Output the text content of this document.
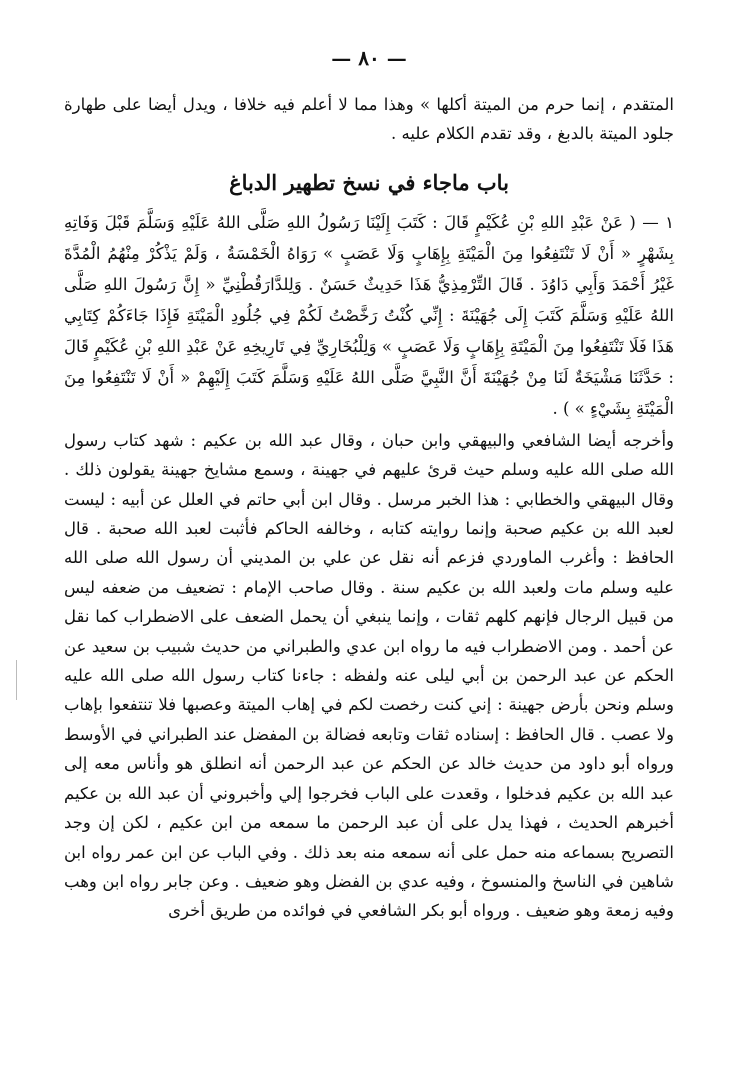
— ٨٠ —

المتقدم ، إنما حرم من الميتة أكلها » وهذا مما لا أعلم فيه خلافا ، ويدل أيضا على طهارة جلود الميتة بالدبغ ، وقد تقدم الكلام عليه .

باب ماجاء في نسخ تطهير الدباغ

١ — ( عَنْ عَبْدِ اللهِ بْنِ عُكَيْمٍ قَالَ : كَتَبَ إِلَيْنَا رَسُولُ اللهِ صَلَّى اللهُ عَلَيْهِ وَسَلَّمَ قَبْلَ وَفَاتِهِ بِشَهْرٍ « أَنْ لَا تَنْتَفِعُوا مِنَ الْمَيْتَةِ بِإِهَابٍ وَلَا عَصَبٍ » رَوَاهُ الْخَمْسَةُ ، وَلَمْ يَذْكُرْ مِنْهُمُ الْمُدَّةَ غَيْرُ أَحْمَدَ وَأَبِي دَاوُدَ . قَالَ التِّرْمِذِيُّ هَذَا حَدِيثٌ حَسَنٌ . وَلِلدَّارَقُطْنِيِّ « إِنَّ رَسُولَ اللهِ صَلَّى اللهُ عَلَيْهِ وَسَلَّمَ كَتَبَ إِلَى جُهَيْنَةَ : إِنِّي كُنْتُ رَخَّصْتُ لَكُمْ فِي جُلُودِ الْمَيْتَةِ فَإِذَا جَاءَكُمْ كِتَابِي هَذَا فَلَا تَنْتَفِعُوا مِنَ الْمَيْتَةِ بِإِهَابٍ وَلَا عَصَبٍ » وَلِلْبُخَارِيِّ فِي تَارِيخِهِ عَنْ عَبْدِ اللهِ بْنِ عُكَيْمٍ قَالَ : حَدَّثَنَا مَشْيَخَةٌ لَنَا مِنْ جُهَيْنَةَ أَنَّ النَّبِيَّ صَلَّى اللهُ عَلَيْهِ وَسَلَّمَ كَتَبَ إِلَيْهِمْ « أَنْ لَا تَنْتَفِعُوا مِنَ الْمَيْتَةِ بِشَيْءٍ » ) .

وأخرجه أيضا الشافعي والبيهقي وابن حبان ، وقال عبد الله بن عكيم : شهد كتاب رسول الله صلى الله عليه وسلم حيث قرئ عليهم في جهينة ، وسمع مشايخ جهينة يقولون ذلك . وقال البيهقي والخطابي : هذا الخبر مرسل . وقال ابن أبي حاتم في العلل عن أبيه : ليست لعبد الله بن عكيم صحبة وإنما روايته كتابه ، وخالفه الحاكم فأثبت لعبد الله صحبة . قال الحافظ : وأغرب الماوردي فزعم أنه نقل عن علي بن المديني أن رسول الله صلى الله عليه وسلم مات ولعبد الله بن عكيم سنة . وقال صاحب الإمام : تضعيف من ضعفه ليس من قبيل الرجال فإنهم كلهم ثقات ، وإنما ينبغي أن يحمل الضعف على الاضطراب كما نقل عن أحمد . ومن الاضطراب فيه ما رواه ابن عدي والطبراني من حديث شبيب بن سعيد عن الحكم عن عبد الرحمن بن أبي ليلى عنه ولفظه : جاءنا كتاب رسول الله صلى الله عليه وسلم ونحن بأرض جهينة : إني كنت رخصت لكم في إهاب الميتة وعصبها فلا تنتفعوا بإهاب ولا عصب . قال الحافظ : إسناده ثقات وتابعه فضالة بن المفضل عند الطبراني في الأوسط ورواه أبو داود من حديث خالد عن الحكم عن عبد الرحمن أنه انطلق هو وأناس معه إلى عبد الله بن عكيم فدخلوا ، وقعدت على الباب فخرجوا إلي وأخبروني أن عبد الله بن عكيم أخبرهم الحديث ، فهذا يدل على أن عبد الرحمن ما سمعه من ابن عكيم ، لكن إن وجد التصريح بسماعه منه حمل على أنه سمعه منه بعد ذلك . وفي الباب عن ابن عمر رواه ابن شاهين في الناسخ والمنسوخ ، وفيه عدي بن الفضل وهو ضعيف . وعن جابر رواه ابن وهب وفيه زمعة وهو ضعيف . ورواه أبو بكر الشافعي في فوائده من طريق أخرى
